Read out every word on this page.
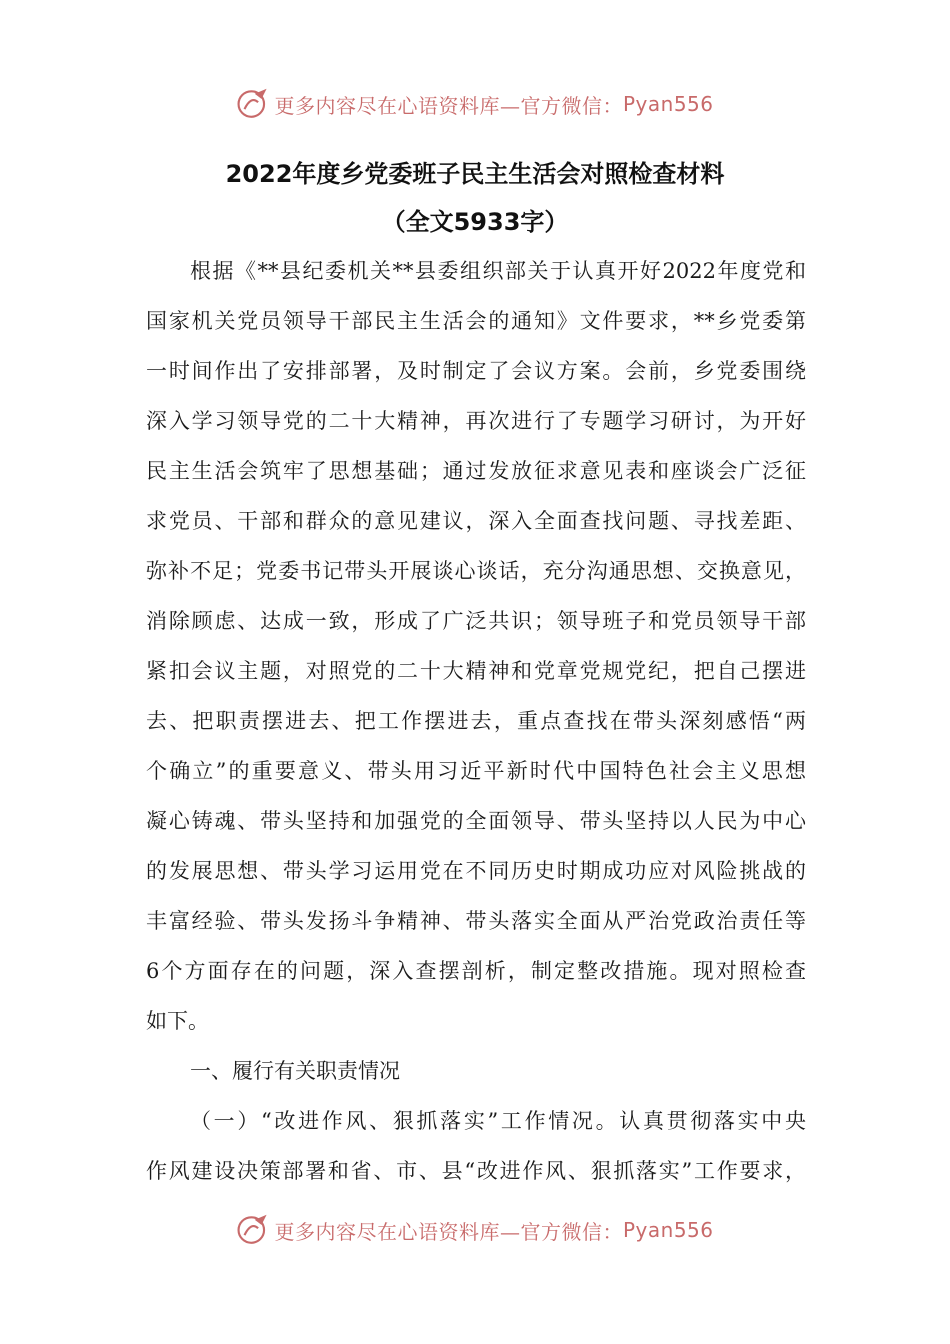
更多内容尽在心语资料库—官方微信： Pyan556
2022年度乡党委班子民主生活会对照检查材料
（全文5933字）
根据《**县纪委机关**县委组织部关于认真开好2022年度党和
国家机关党员领导干部民主生活会的通知》文件要求，**乡党委第
一时间作出了安排部署，及时制定了会议方案。会前，乡党委围绕
深入学习领导党的二十大精神，再次进行了专题学习研讨，为开好
民主生活会筑牢了思想基础；通过发放征求意见表和座谈会广泛征
求党员、干部和群众的意见建议，深入全面查找问题、寻找差距、
弥补不足；党委书记带头开展谈心谈话，充分沟通思想、交换意见，
消除顾虑、达成一致，形成了广泛共识；领导班子和党员领导干部
紧扣会议主题，对照党的二十大精神和党章党规党纪，把自己摆进
去、把职责摆进去、把工作摆进去，重点查找在带头深刻感悟“两
个确立”的重要意义、带头用习近平新时代中国特色社会主义思想
凝心铸魂、带头坚持和加强党的全面领导、带头坚持以人民为中心
的发展思想、带头学习运用党在不同历史时期成功应对风险挑战的
丰富经验、带头发扬斗争精神、带头落实全面从严治党政治责任等
6个方面存在的问题，深入查摆剖析，制定整改措施。现对照检查
如下。
一、履行有关职责情况
（一）“改进作风、狠抓落实”工作情况。认真贯彻落实中央
作风建设决策部署和省、市、县“改进作风、狠抓落实”工作要求，
更多内容尽在心语资料库—官方微信： Pyan556
